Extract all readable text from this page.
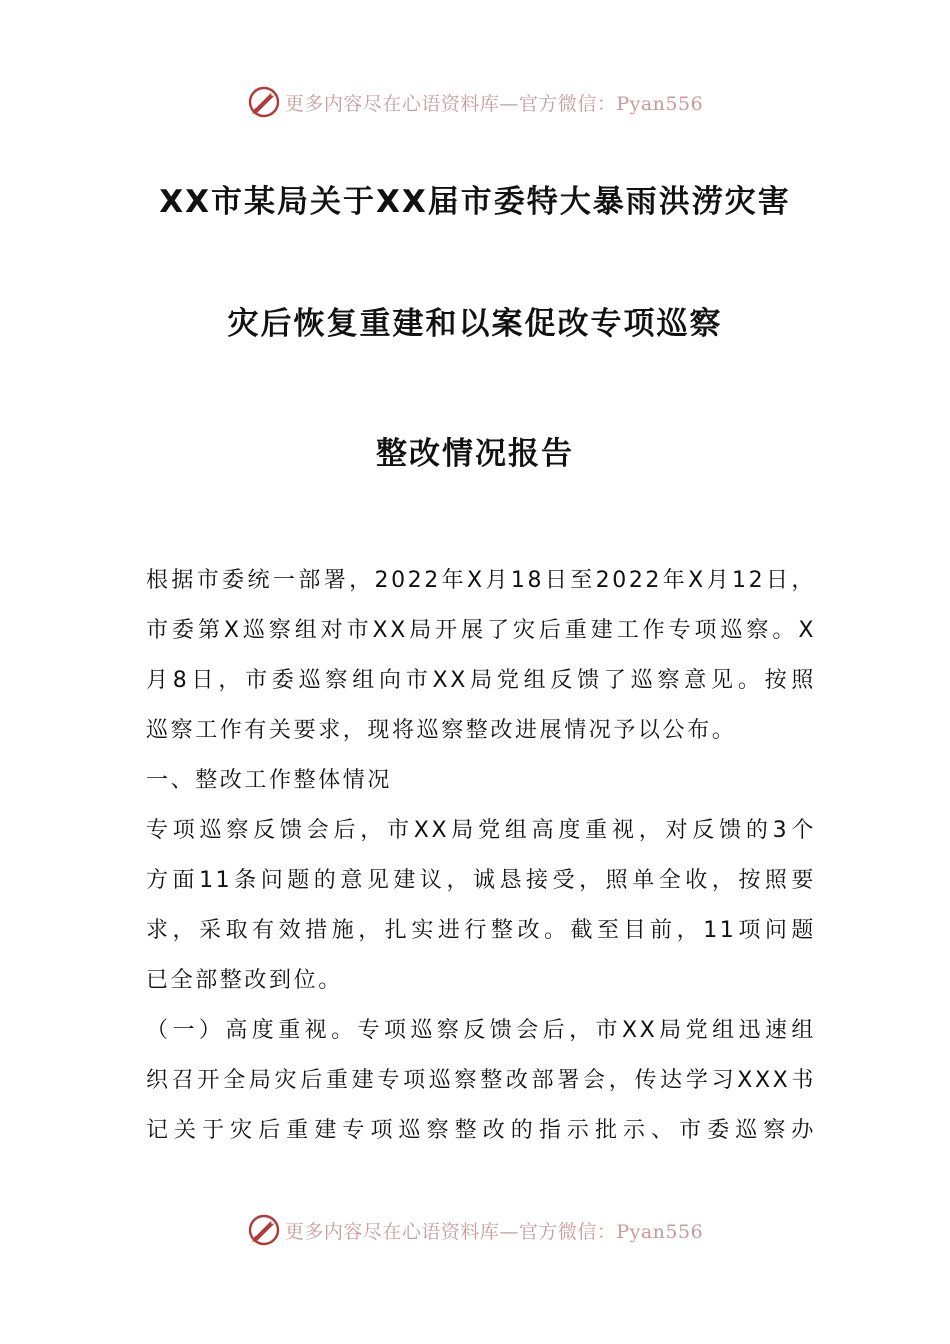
更多内容尽在心语资料库—官方微信：Pyan556
XX市某局关于XX届市委特大暴雨洪涝灾害
灾后恢复重建和以案促改专项巡察
整改情况报告
根据市委统一部署，2022年X月18日至2022年X月12日，
市委第X巡察组对市XX局开展了灾后重建工作专项巡察。X
月8日，市委巡察组向市XX局党组反馈了巡察意见。按照
巡察工作有关要求，现将巡察整改进展情况予以公布。
一、整改工作整体情况
专项巡察反馈会后，市XX局党组高度重视，对反馈的3个
方面11条问题的意见建议，诚恳接受，照单全收，按照要
求，采取有效措施，扎实进行整改。截至目前，11项问题
已全部整改到位。
（一）高度重视。专项巡察反馈会后，市XX局党组迅速组
织召开全局灾后重建专项巡察整改部署会，传达学习XXX书
记关于灾后重建专项巡察整改的指示批示、市委巡察办
更多内容尽在心语资料库—官方微信：Pyan556
